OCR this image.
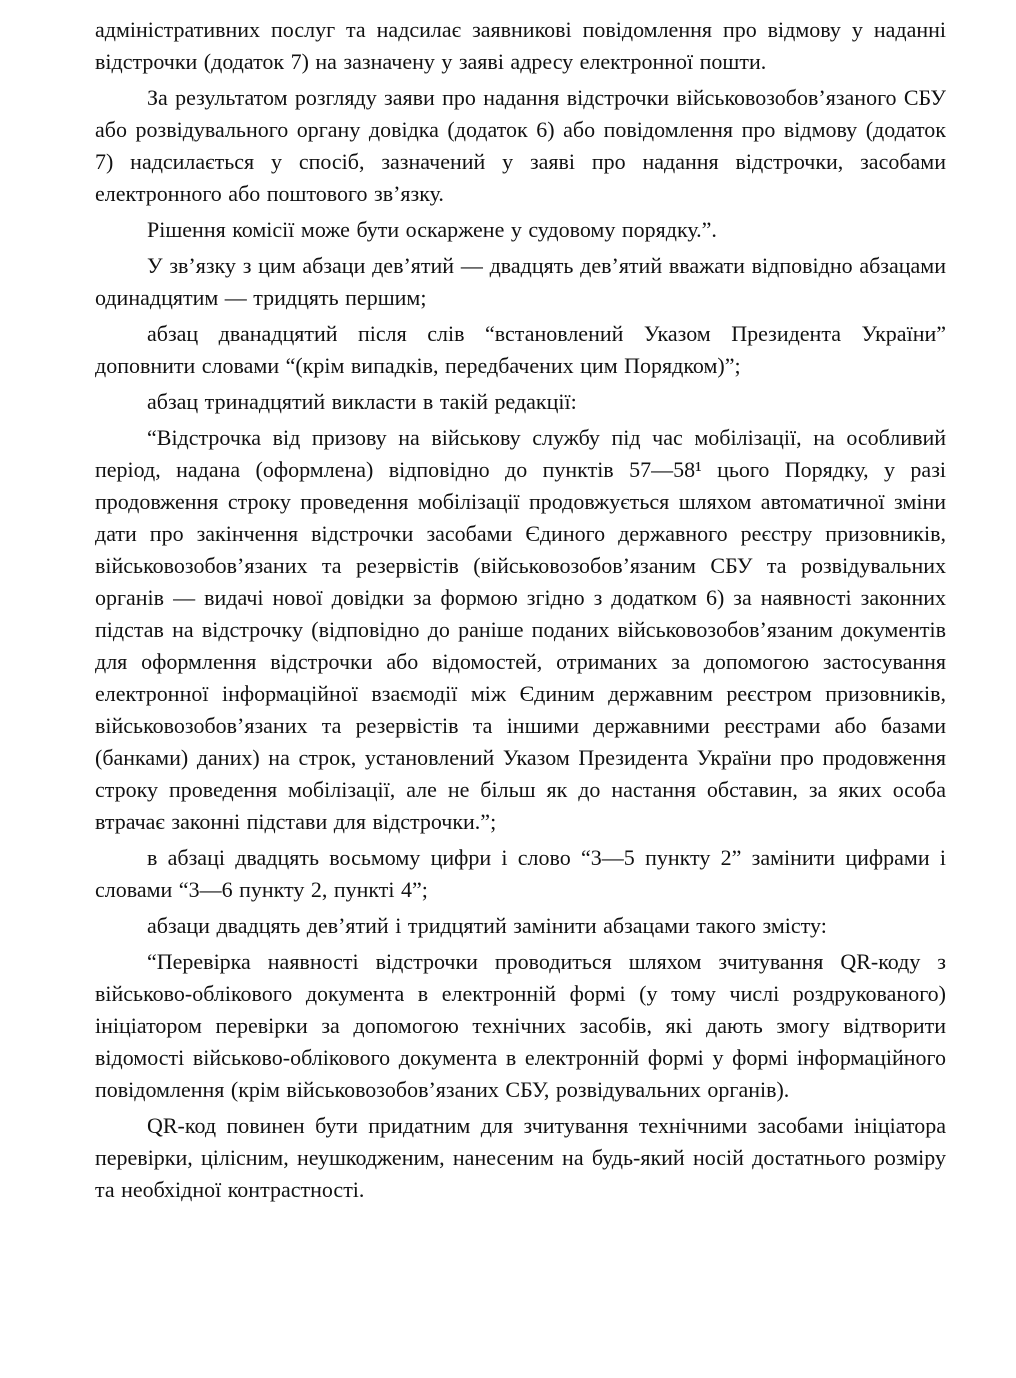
адміністративних послуг та надсилає заявникові повідомлення про відмову у наданні відстрочки (додаток 7) на зазначену у заяві адресу електронної пошти.

За результатом розгляду заяви про надання відстрочки військовозобов’язаного СБУ або розвідувального органу довідка (додаток 6) або повідомлення про відмову (додаток 7) надсилається у спосіб, зазначений у заяві про надання відстрочки, засобами електронного або поштового зв’язку.

Рішення комісії може бути оскаржене у судовому порядку.”.

У зв’язку з цим абзаци дев’ятий — двадцять дев’ятий вважати відповідно абзацами одинадцятим — тридцять першим;

абзац дванадцятий після слів “встановлений Указом Президента України” доповнити словами “(крім випадків, передбачених цим Порядком)”;

абзац тринадцятий викласти в такій редакції:

“Відстрочка від призову на військову службу під час мобілізації, на особливий період, надана (оформлена) відповідно до пунктів 57—58¹ цього Порядку, у разі продовження строку проведення мобілізації продовжується шляхом автоматичної зміни дати про закінчення відстрочки засобами Єдиного державного реєстру призовників, військовозобов’язаних та резервістів (військовозобов’язаним СБУ та розвідувальних органів — видачі нової довідки за формою згідно з додатком 6) за наявності законних підстав на відстрочку (відповідно до раніше поданих військовозобов’язаним документів для оформлення відстрочки або відомостей, отриманих за допомогою застосування електронної інформаційної взаємодії між Єдиним державним реєстром призовників, військовозобов’язаних та резервістів та іншими державними реєстрами або базами (банками) даних) на строк, установлений Указом Президента України про продовження строку проведення мобілізації, але не більш як до настання обставин, за яких особа втрачає законні підстави для відстрочки.”;

в абзаці двадцять восьмому цифри і слово “3—5 пункту 2” замінити цифрами і словами “3—6 пункту 2, пункті 4”;

абзаци двадцять дев’ятий і тридцятий замінити абзацами такого змісту:

“Перевірка наявності відстрочки проводиться шляхом зчитування QR-коду з військово-облікового документа в електронній формі (у тому числі роздрукованого) ініціатором перевірки за допомогою технічних засобів, які дають змогу відтворити відомості військово-облікового документа в електронній формі у формі інформаційного повідомлення (крім військовозобов’язаних СБУ, розвідувальних органів).

QR-код повинен бути придатним для зчитування технічними засобами ініціатора перевірки, цілісним, неушкодженим, нанесеним на будь-який носій достатнього розміру та необхідної контрастності.
